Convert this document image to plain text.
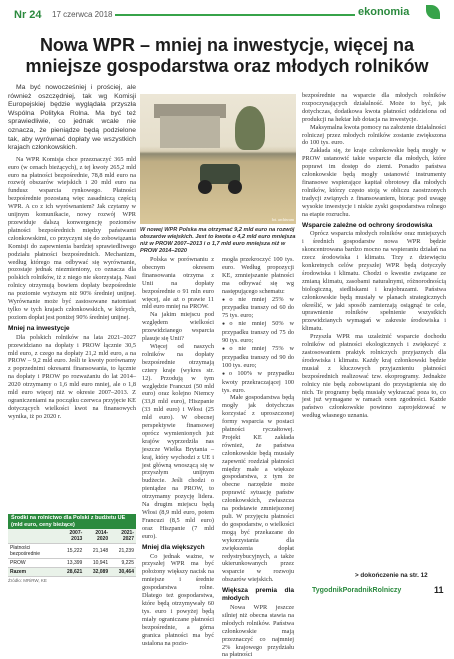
Nr 24 17 czerwca 2018	ekonomia
Nowa WPR – mniej na inwestycje, więcej na mniejsze gospodarstwa oraz młodych rolników

Ma być nowocześniej i prościej, ale również oszczędniej, tak wg Komisji Europejskiej będzie wyglądała przyszła Wspólna Polityka Rolna. Ma być też sprawiedliwie, co jednak wcale nie oznacza, że pieniądze będą podzielone tak, aby wyrównać dopłaty we wszystkich krajach członkowskich.

Na WPR Komisja chce przeznaczyć 365 mld euro (w cenach bieżących), z tej kwoty 265,2 mld euro na płatności bezpośrednie, 78,8 mld euro na rozwój obszarów wiejskich i 20 mld euro na fundusz wsparcia rynkowego. Płatności bezpośrednie pozostaną więc zasadniczą częścią WPR. A co z ich wyrównaniem? Jak czytamy w unijnym komunikacie, nowy rozwój WPR przewiduje dalszą konwergencję poziomów płatności bezpośrednich między państwami członkowskimi, co przyczyni się do zobowiązania Komisji do zapewnienia bardziej sprawiedliwego podziału płatności bezpośrednich. Mechanizm, według którego ma odbywać się wyrównanie, pozostaje jednak niezmieniony, co oznacza dla polskich rolników, iż z niego nie skorzystają. Nasi rolnicy otrzymują bowiem dopłaty bezpośrednie na poziomie wyższym niż 90% średniej unijnej. Wyrównanie może być zastosowane natomiast tylko w tych krajach członkowskich, w których, poziom dopłat jest poniżej 90% średniej unijnej.

Mniej na inwestycje

Dla polskich rolników na lata 2021–2027 przewidziano na dopłaty i PROW łącznie 30,5 mld euro, z czego na dopłaty 21,2 mld euro, a na PROW – 9,2 mld euro. Jeśli te kwoty porównamy z poprzednimi okresami finansowania, to łącznie na dopłaty i PROW po rozważaniu do lat 2014–2020 otrzymamy o 1,6 mld euro mniej, ale o 1,8 mld euro więcej niż w okresie 2007–2013. Z ograniczeniami na początku czerwca przyjęcie KE dotyczących wielkości kwot na finansowych wynika, iż po 2020 r.

fot. archiwum
W nowej WPR Polska ma otrzymać 9,2 mld euro na rozwój obszarów wiejskich. Jest to kwota o 4,2 mld euro mniejsza niż w PROW 2007–2013 i o 1,7 mld euro mniejsza niż w PROW 2014–2020

Polska w porównaniu z obecnym okresem finansowania otrzyma z Unii na dopłaty bezpośrednie o 91 mln euro więcej, ale aż o prawie 11 mld euro mniej na PROW.

Na jakim miejscu pod względem wielkości przewidzianego wsparcia plasuje się Unii?

Więcej od naszych rolników na dopłaty bezpośrednie otrzymają cztery kraje (wykres str. 12). Przodują w tym względzie Francuzi (50 mld euro) oraz kolejno Niemcy (33,8 mld euro), Hiszpanie (33 mld euro) i Włosi (25 mld euro). W obecnej perspektywie finansowej oprócz wymienionych już krajów wyprzedziła nas jeszcze Wielka Brytania – kraj, który wychodzi z UE i jest główną wnoszącą się w przyszłym unijnym budżecie. Jeśli chodzi o pieniądze na PROW, to otrzymamy pozycję lidera. Na drugim miejscu będą Włosi (8,9 mld euro, potem Francuzi (8,5 mld euro) oraz Hiszpanie (7 mld euro).

Mniej dla większych

Co jednak ważne, w przyszłej WPR ma być położony większy nacisk na mniejsze i średnie gospodarstwa rolne. Dlatego też gospodarstwa, które będą otrzymywały 60 tys. euro i powyżej będą miały ograniczane płatności bezpośrednie, a górna granica płatności ma być ustalona na pozio-

mogła przekroczyć 100 tys. euro. Według propozycji KE, zmniejszanie płatności ma odbywać się wg następującego schematu:

● o nie mniej 25% w przypadku transzy od 60 do 75 tys. euro;
● o nie mniej 50% w przypadku transzy od 75 do 90 tys. euro;
● o nie mniej 75% w przypadku transzy od 90 do 100 tys. euro;
● o 100% w przypadku kwoty przekraczającej 100 tys. euro.

Małe gospodarstwa będą mogły jak dotychczas korzystać z uproszczonej formy wsparcia w postaci płatności ryczałtowej. Projekt KE zakłada również, że państwa członkowskie będą musiały zapewnić rozdział płatności między małe a większe gospodarstwa, z tym że obecne narzędzie może poprawić sytuację państw członkowskich, zwłaszcza na podstawie zmniejszonej puli. W przyjęciu płatności do gospodarstw, o wielkości mogą być przekazane do wykorzystania dla zwiększenia dopłat redystrybucyjnych, a także ukierunkowanych przez wsparcie w rozwoju obszarów wiejskich.

Większa premia dla młodych

Nowa WPR jeszcze silniej niż obecna stawia na młodych rolników. Państwa członkowskie mają przeznaczyć co najmniej 2% krajowego przydziału na płatności

bezpośrednie na wsparcie dla młodych rolników rozpoczynających działalność. Może to być, jak dotychczas, dodatkowa kwota płatności oddzielona od produkcji na hektar lub dotacja na inwestycje.

Maksymalna kwota pomocy na założenie działalności rolniczej przez młodych rolników zostanie zwiększona do 100 tys. euro.

Zakłada się, że kraje członkowskie będą mogły w PROW ustanowić takie wsparcie dla młodych, które poprawi im dostęp do ziemi. Ponadto państwa członkowskie będą mogły ustanowić instrumenty finansowe wspierające kapitał obrotowy dla młodych rolników, którzy często stoją w obliczu zaostrzonych tradycji zwiąnych z finansowaniem, biorąc pod uwagę wysokie inwestycje i niskie zyski gospodarstwa rolnego na etapie rozruchu.

Wsparcie zależne od ochrony środowiska

Oprócz wsparcia młodych rolników oraz mniejszych i średnich gospodarstw nowa WPR będzie skoncentrowana bardzo mocno na wspieraniu działań na rzecz środowiska i klimatu. Trzy z dziewięciu konkretnych celów przyszłej WPR będą dotyczyły środowiska i klimatu. Chodzi o kwestie związane ze zmianą klimatu, zasobami naturalnymi, różnorodnością biologiczną, siedliskami i krajobrazami. Państwa członkowskie będą musiały w planach strategicznych określić, w jaki sposób zamierzają osiągnąć te cele, uprawnienie rolników spełnienie wszystkich przewidzianych wymagań w zakresie środowiska i klimatu.

Przyszła WPR ma uzależnić wsparcie dochodu rolników od płatności ekologicznych i zwiększyć z zastosowaniem praktyk rolniczych przyjaznych dla środowiska i klimatu. Każdy kraj członkowski będzie musiał z kluczowych przyjaznieniu płatności bezpośrednich realizować tzw. ekoprogramy. Jednakże rolnicy nie będą zobowiązani do przystąpienia się do nich. Te programy będą musiały wykraczać poza to, co jest już wymagane w ramach ocen zgodności. Każde państwo członkowskie powinno zaprojektować w według własnego uznania.

Środki na rolnictwo dla Polski z budżetu UE (mld euro, ceny bieżące)
	2007-2013	2014-2020	2021-2027
Płatności bezpośrednie	15,222	21,148	21,239
PROW	13,399	10,941	9,225
Razem	28,621	32,089	30,464
Źródło: MRiRW, KE
> dokończenie na str. 12
TygodnikPoradnikRolniczy	11
